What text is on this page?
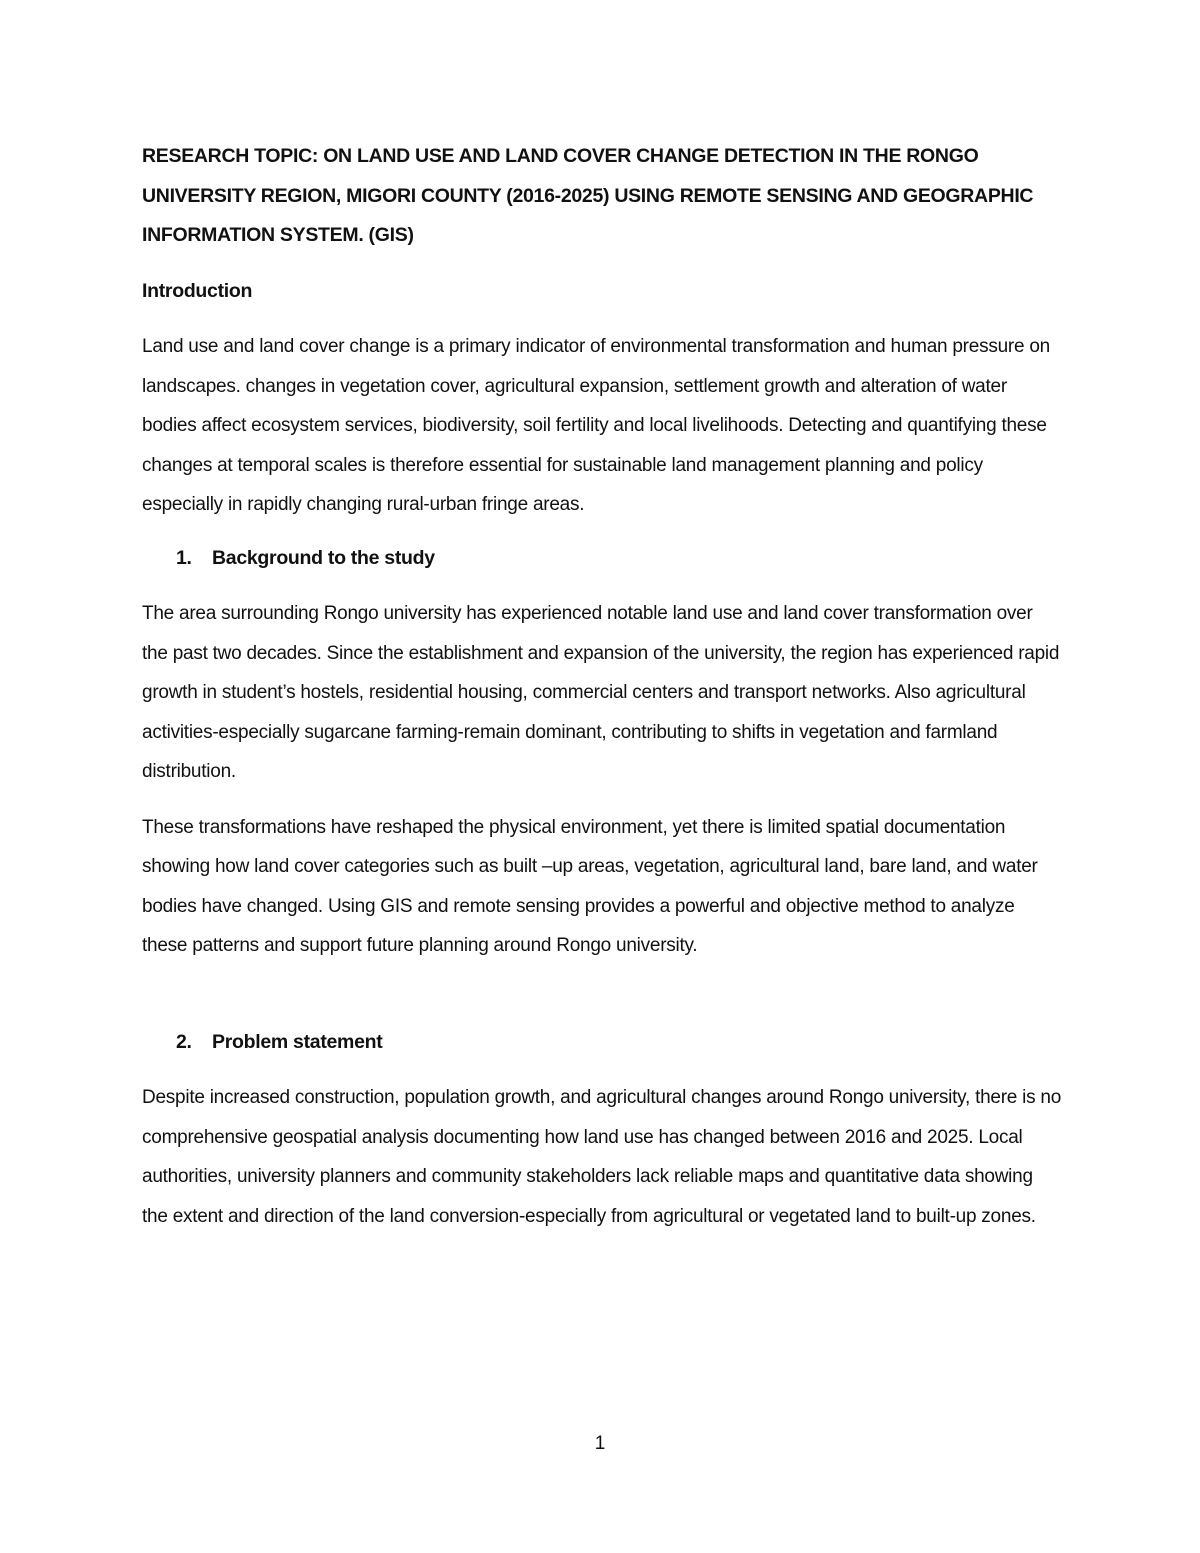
RESEARCH TOPIC: ON LAND USE AND LAND COVER CHANGE DETECTION IN THE RONGO UNIVERSITY REGION, MIGORI COUNTY (2016-2025) USING REMOTE SENSING AND GEOGRAPHIC INFORMATION SYSTEM. (GIS)

Introduction

Land use and land cover change is a primary indicator of environmental transformation and human pressure on landscapes. changes in vegetation cover, agricultural expansion, settlement growth and alteration of water bodies affect ecosystem services, biodiversity, soil fertility and local livelihoods. Detecting and quantifying these changes at temporal scales is therefore essential for sustainable land management planning and policy especially in rapidly changing rural-urban fringe areas.

1.	Background to the study

The area surrounding Rongo university has experienced notable land use and land cover transformation over the past two decades. Since the establishment and expansion of the university, the region has experienced rapid growth in student’s hostels, residential housing, commercial centers and transport networks. Also agricultural activities-especially sugarcane farming-remain dominant, contributing to shifts in vegetation and farmland distribution.

These transformations have reshaped the physical environment, yet there is limited spatial documentation showing how land cover categories such as built –up areas, vegetation, agricultural land, bare land, and water bodies have changed. Using GIS and remote sensing provides a powerful and objective method to analyze these patterns and support future planning around Rongo university.

2.	Problem statement

Despite increased construction, population growth, and agricultural changes around Rongo university, there is no comprehensive geospatial analysis documenting how land use has changed between 2016 and 2025. Local authorities, university planners and community stakeholders lack reliable maps and quantitative data showing the extent and direction of the land conversion-especially from agricultural or vegetated land to built-up zones.

1
